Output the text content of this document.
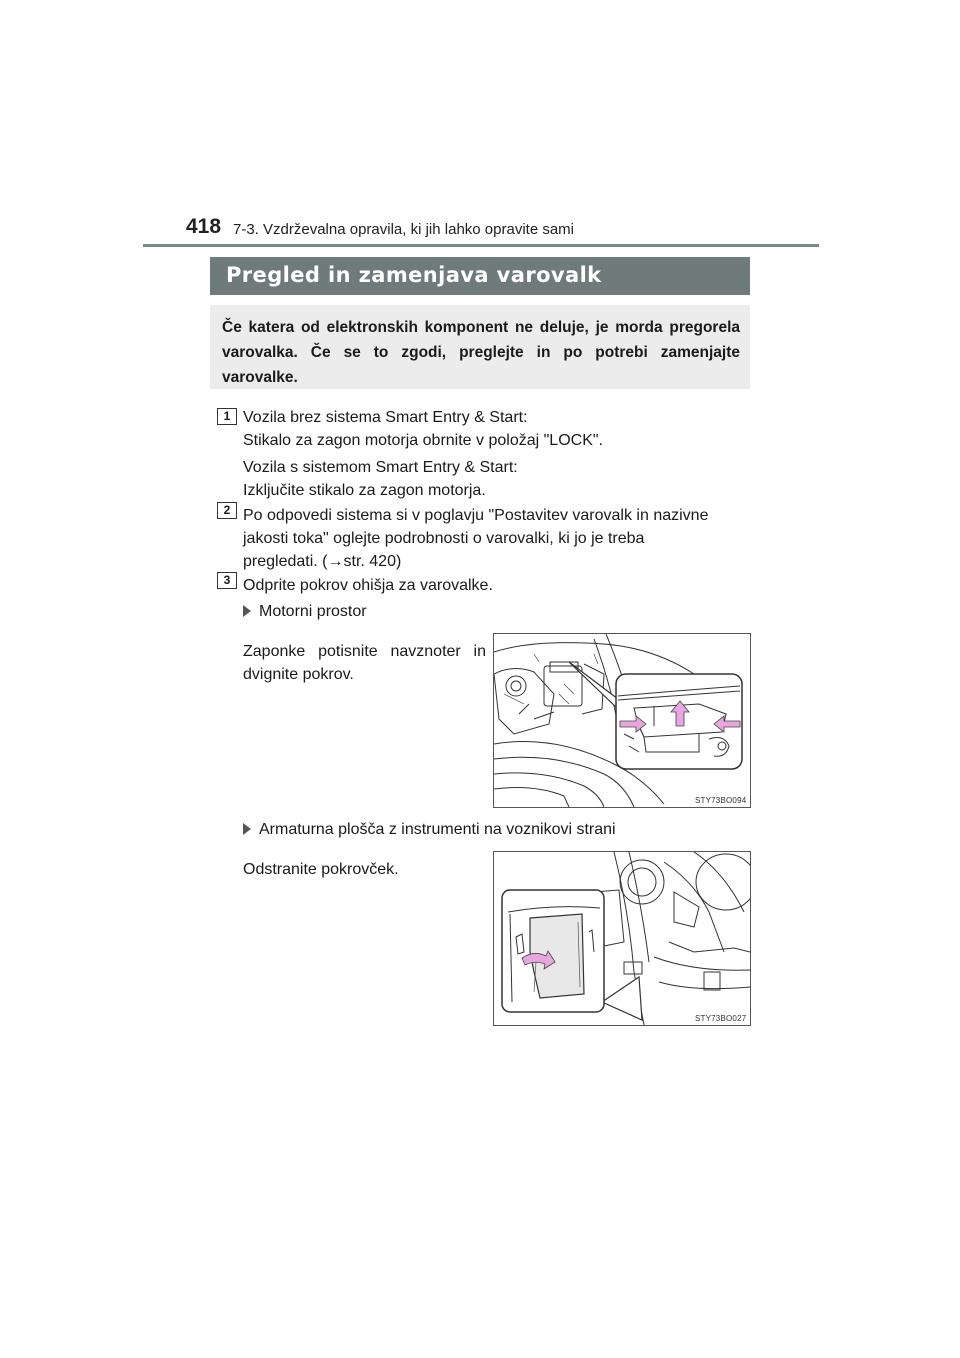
418 7-3. Vzdrževalna opravila, ki jih lahko opravite sami
Pregled in zamenjava varovalk
Če katera od elektronskih komponent ne deluje, je morda pregorela varovalka. Če se to zgodi, preglejte in po potrebi zamenjajte varovalke.
1 Vozila brez sistema Smart Entry & Start:
Stikalo za zagon motorja obrnite v položaj "LOCK".
Vozila s sistemom Smart Entry & Start:
Izključite stikalo za zagon motorja.
2 Po odpovedi sistema si v poglavju "Postavitev varovalk in nazivne
jakosti toka" oglejte podrobnosti o varovalki, ki jo je treba
pregledati. (→str. 420)
3 Odprite pokrov ohišja za varovalke.
Motorni prostor
Zaponke potisnite navznoter in
dvignite pokrov.
STY73BO094
Armaturna plošča z instrumenti na voznikovi strani
Odstranite pokrovček.
STY73BO027
